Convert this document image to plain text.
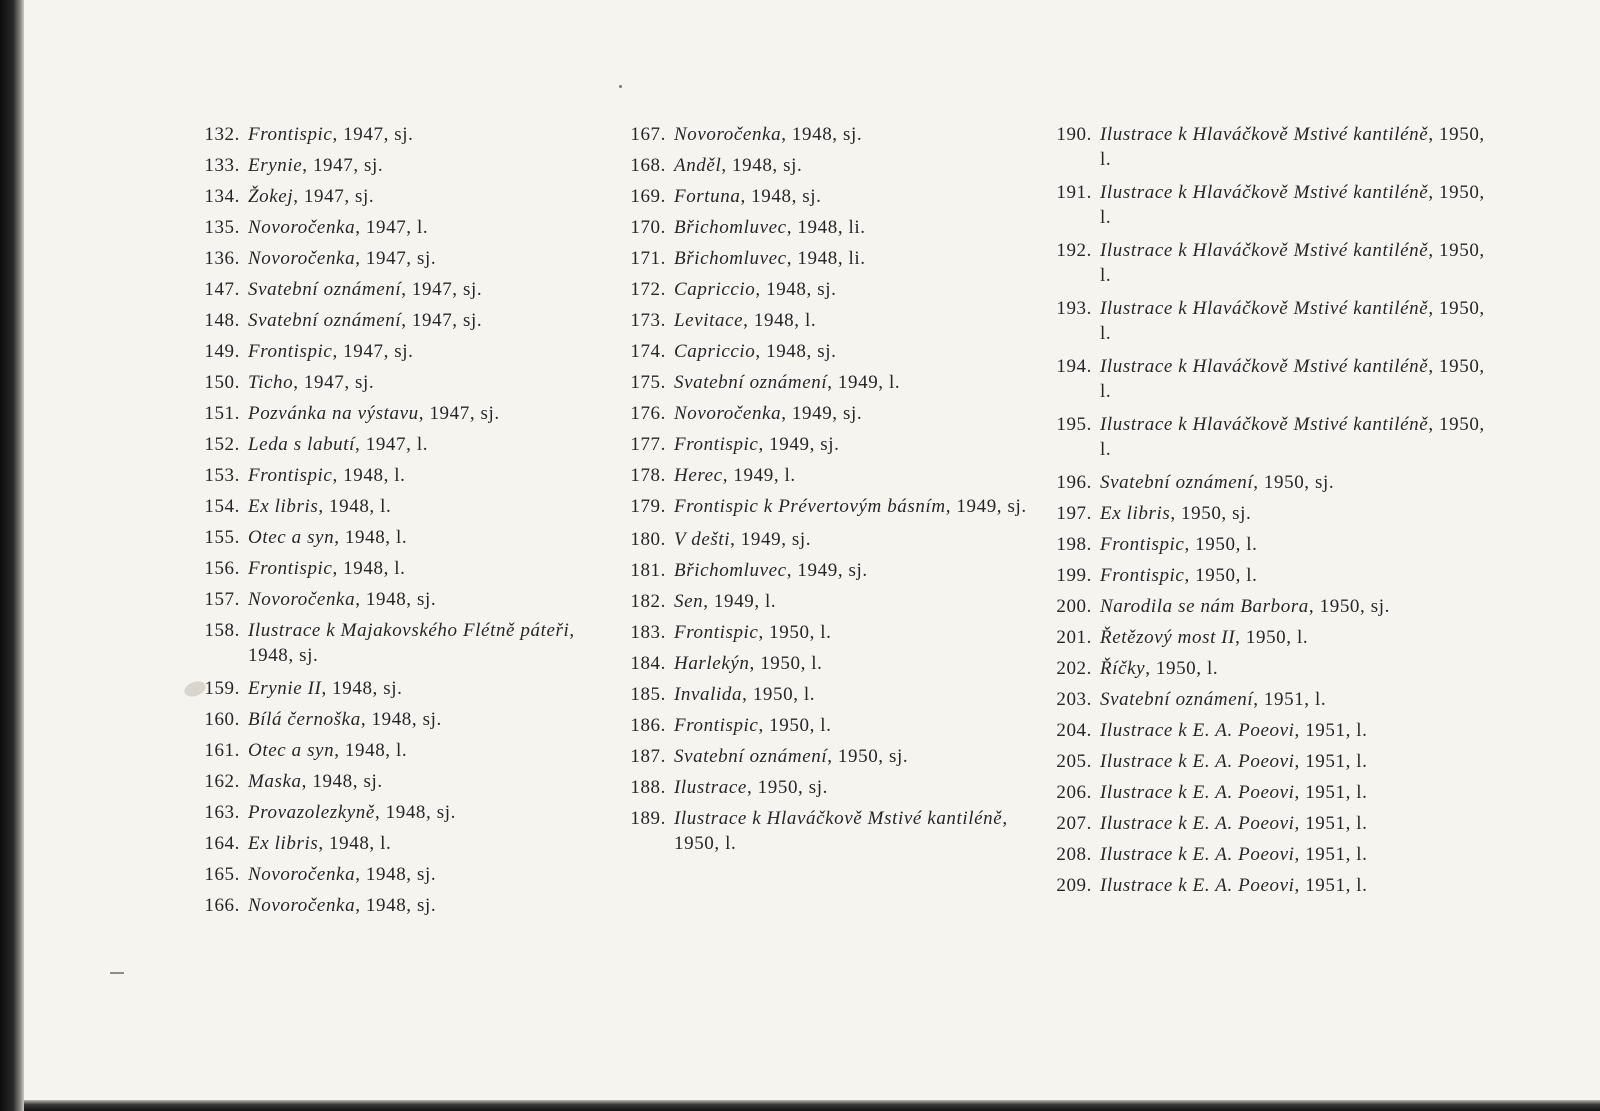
132. Frontispic, 1947, sj.
133. Erynie, 1947, sj.
134. Žokej, 1947, sj.
135. Novoročenka, 1947, l.
136. Novoročenka, 1947, sj.
147. Svatební oznámení, 1947, sj.
148. Svatební oznámení, 1947, sj.
149. Frontispic, 1947, sj.
150. Ticho, 1947, sj.
151. Pozvánka na výstavu, 1947, sj.
152. Leda s labutí, 1947, l.
153. Frontispic, 1948, l.
154. Ex libris, 1948, l.
155. Otec a syn, 1948, l.
156. Frontispic, 1948, l.
157. Novoročenka, 1948, sj.
158. Ilustrace k Majakovského Flétně páteři, 1948, sj.
159. Erynie II, 1948, sj.
160. Bílá černoška, 1948, sj.
161. Otec a syn, 1948, l.
162. Maska, 1948, sj.
163. Provazolezkyně, 1948, sj.
164. Ex libris, 1948, l.
165. Novoročenka, 1948, sj.
166. Novoročenka, 1948, sj.
167. Novoročenka, 1948, sj.
168. Anděl, 1948, sj.
169. Fortuna, 1948, sj.
170. Břichomluvec, 1948, li.
171. Břichomluvec, 1948, li.
172. Capriccio, 1948, sj.
173. Levitace, 1948, l.
174. Capriccio, 1948, sj.
175. Svatební oznámení, 1949, l.
176. Novoročenka, 1949, sj.
177. Frontispic, 1949, sj.
178. Herec, 1949, l.
179. Frontispic k Prévertovým básním, 1949, sj.
180. V dešti, 1949, sj.
181. Břichomluvec, 1949, sj.
182. Sen, 1949, l.
183. Frontispic, 1950, l.
184. Harlekýn, 1950, l.
185. Invalida, 1950, l.
186. Frontispic, 1950, l.
187. Svatební oznámení, 1950, sj.
188. Ilustrace, 1950, sj.
189. Ilustrace k Hlaváčkově Mstivé kantiléně, 1950, l.
190. Ilustrace k Hlaváčkově Mstivé kantiléně, 1950, l.
191. Ilustrace k Hlaváčkově Mstivé kantiléně, 1950, l.
192. Ilustrace k Hlaváčkově Mstivé kantiléně, 1950, l.
193. Ilustrace k Hlaváčkově Mstivé kantiléně, 1950, l.
194. Ilustrace k Hlaváčkově Mstivé kantiléně, 1950, l.
195. Ilustrace k Hlaváčkově Mstivé kantiléně, 1950, l.
196. Svatební oznámení, 1950, sj.
197. Ex libris, 1950, sj.
198. Frontispic, 1950, l.
199. Frontispic, 1950, l.
200. Narodila se nám Barbora, 1950, sj.
201. Řetězový most II, 1950, l.
202. Říčky, 1950, l.
203. Svatební oznámení, 1951, l.
204. Ilustrace k E. A. Poeovi, 1951, l.
205. Ilustrace k E. A. Poeovi, 1951, l.
206. Ilustrace k E. A. Poeovi, 1951, l.
207. Ilustrace k E. A. Poeovi, 1951, l.
208. Ilustrace k E. A. Poeovi, 1951, l.
209. Ilustrace k E. A. Poeovi, 1951, l.
